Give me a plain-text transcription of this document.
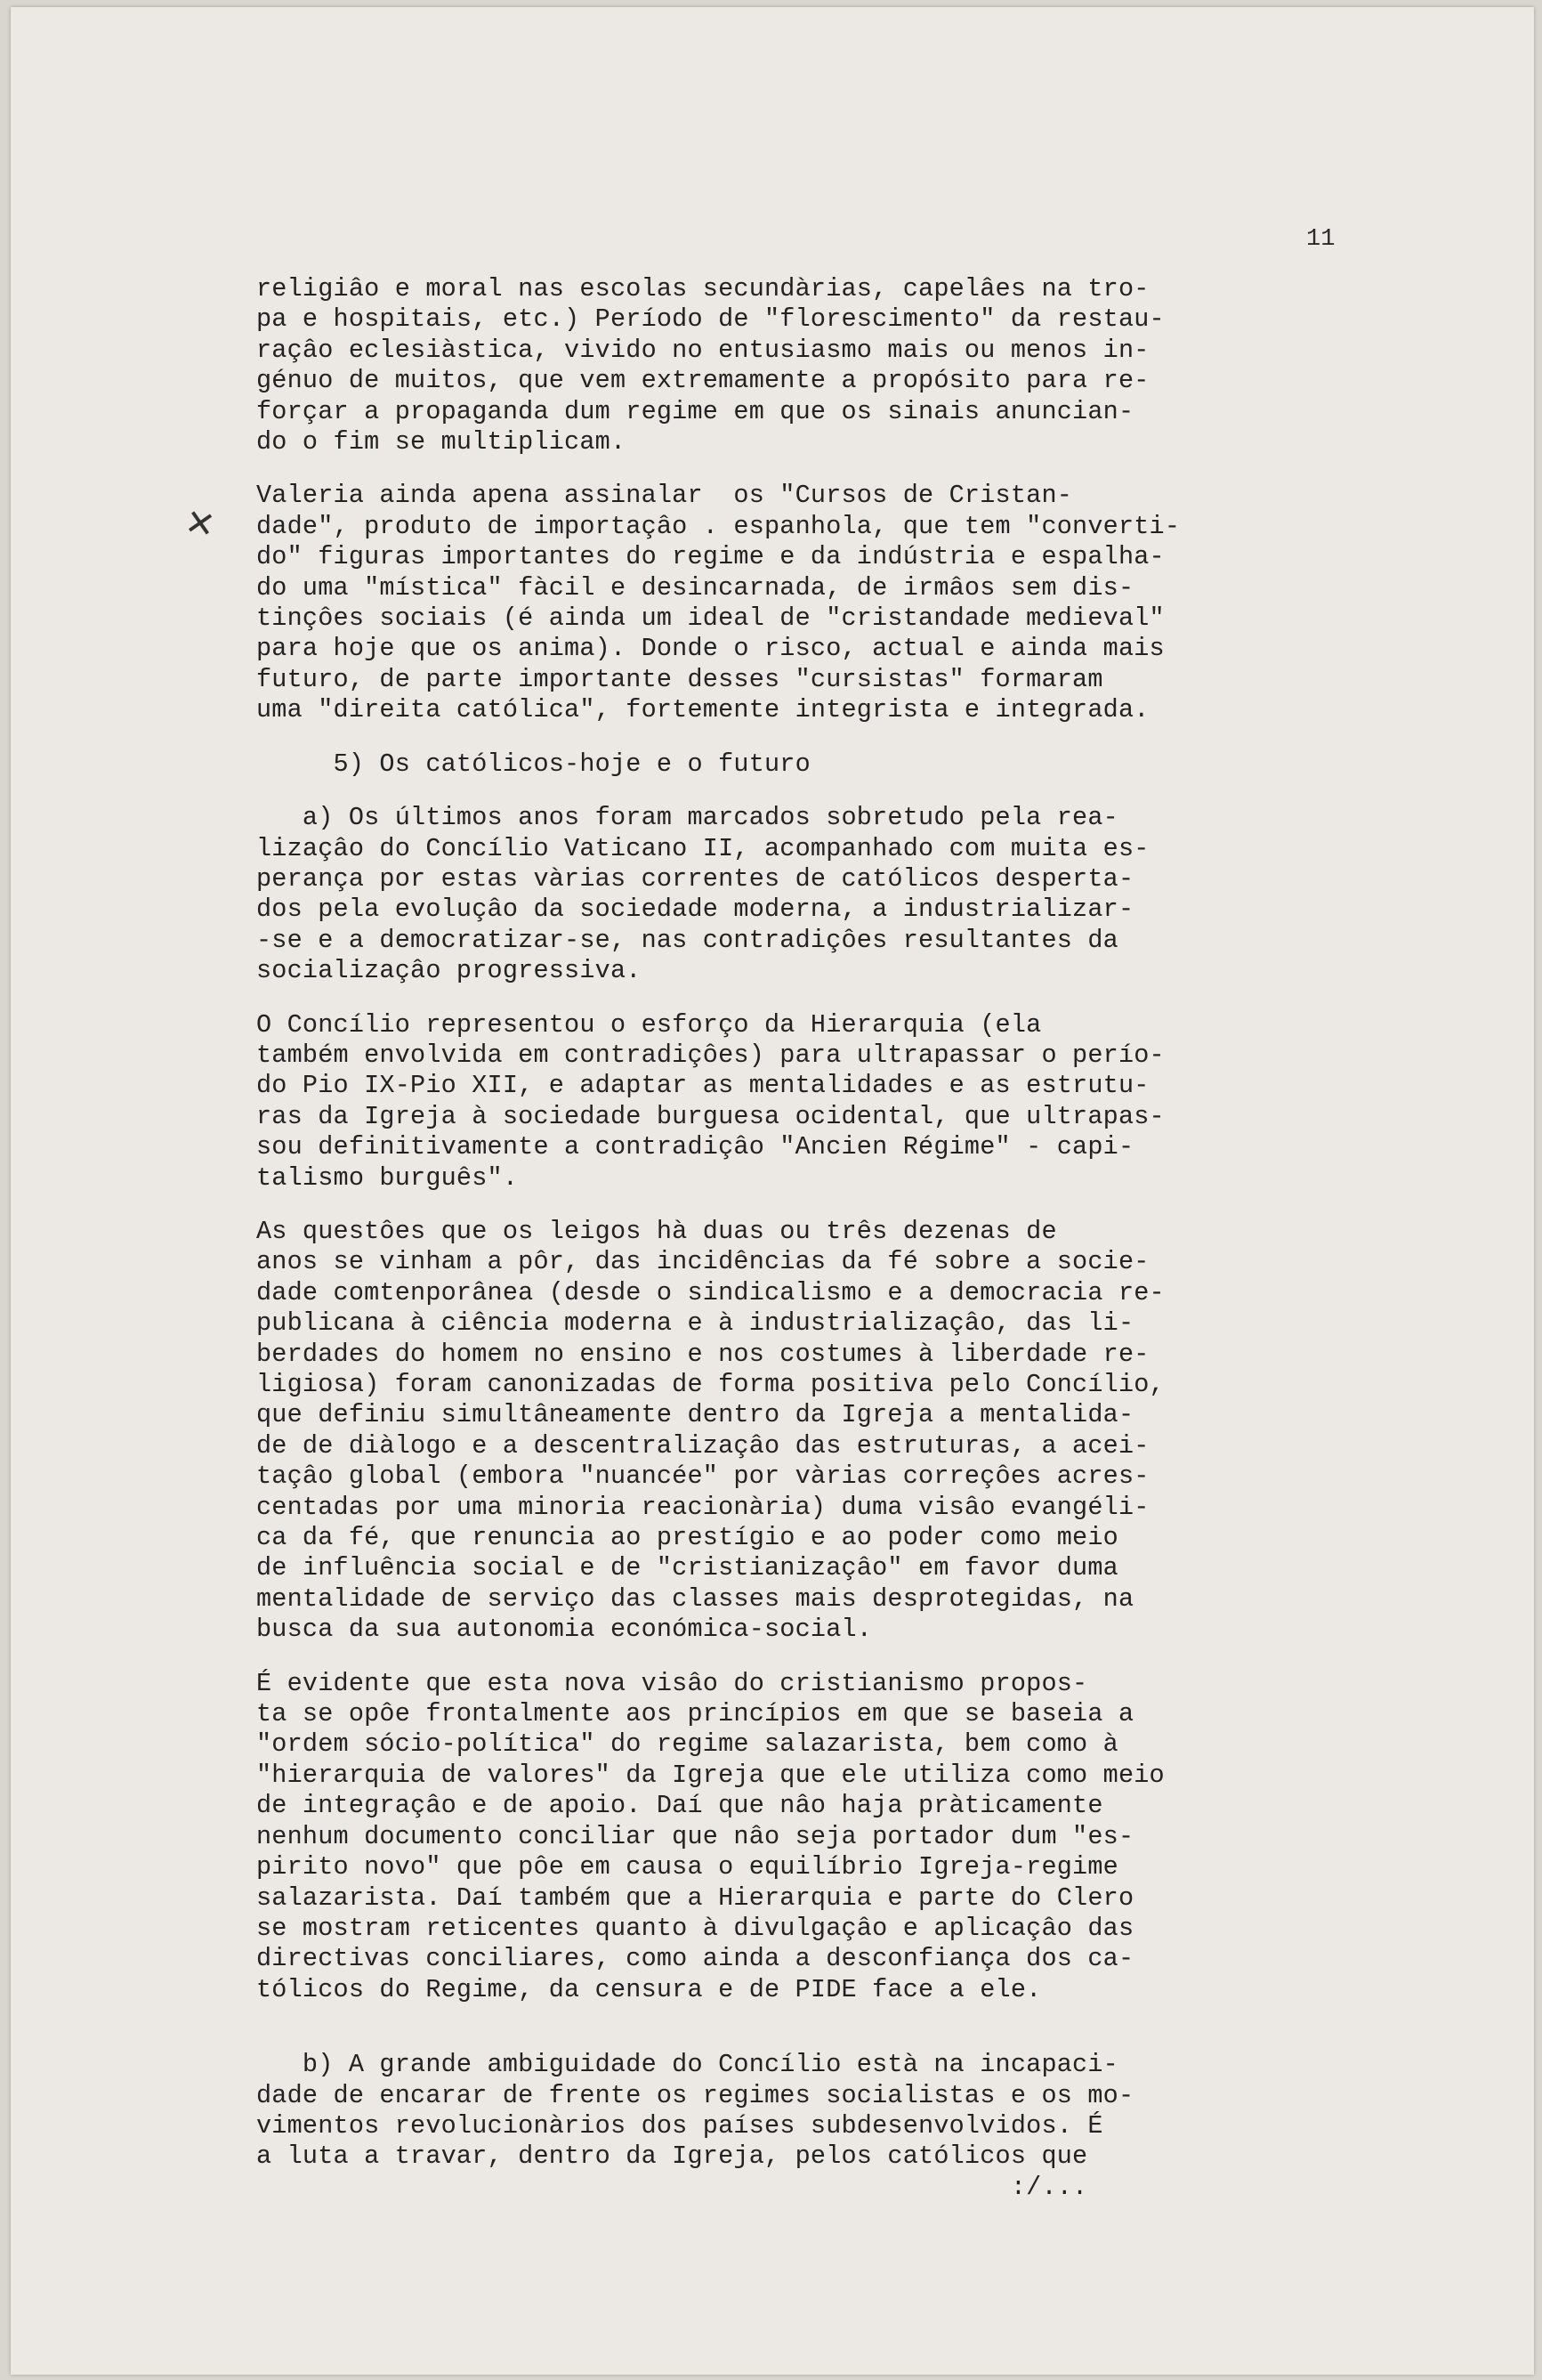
11
✕
religiâo e moral nas escolas secundàrias, capelâes na tro-
pa e hospitais, etc.) Período de "florescimento" da restau-
raçâo eclesiàstica, vivido no entusiasmo mais ou menos in-
génuo de muitos, que vem extremamente a propósito para re-
forçar a propaganda dum regime em que os sinais anuncian-
do o fim se multiplicam.
Valeria ainda apena assinalar  os "Cursos de Cristan-
dade", produto de importaçâo . espanhola, que tem "converti-
do" figuras importantes do regime e da indústria e espalha-
do uma "mística" fàcil e desincarnada, de irmâos sem dis-
tinçôes sociais (é ainda um ideal de "cristandade medieval"
para hoje que os anima). Donde o risco, actual e ainda mais
futuro, de parte importante desses "cursistas" formaram
uma "direita católica", fortemente integrista e integrada.
5) Os católicos-hoje e o futuro
a) Os últimos anos foram marcados sobretudo pela rea-
lizaçâo do Concílio Vaticano II, acompanhado com muita es-
perança por estas vàrias correntes de católicos desperta-
dos pela evoluçâo da sociedade moderna, a industrializar-
-se e a democratizar-se, nas contradiçôes resultantes da
socializaçâo progressiva.
O Concílio representou o esforço da Hierarquia (ela
também envolvida em contradiçôes) para ultrapassar o perío-
do Pio IX-Pio XII, e adaptar as mentalidades e as estrutu-
ras da Igreja à sociedade burguesa ocidental, que ultrapas-
sou definitivamente a contradiçâo "Ancien Régime" - capi-
talismo burguês".
As questôes que os leigos hà duas ou três dezenas de
anos se vinham a pôr, das incidências da fé sobre a socie-
dade comtenporânea (desde o sindicalismo e a democracia re-
publicana à ciência moderna e à industrializaçâo, das li-
berdades do homem no ensino e nos costumes à liberdade re-
ligiosa) foram canonizadas de forma positiva pelo Concílio,
que definiu simultâneamente dentro da Igreja a mentalida-
de de diàlogo e a descentralizaçâo das estruturas, a acei-
taçâo global (embora "nuancée" por vàrias correçôes acres-
centadas por uma minoria reacionària) duma visâo evangéli-
ca da fé, que renuncia ao prestígio e ao poder como meio
de influência social e de "cristianizaçâo" em favor duma
mentalidade de serviço das classes mais desprotegidas, na
busca da sua autonomia económica-social.
É evidente que esta nova visâo do cristianismo propos-
ta se opôe frontalmente aos princípios em que se baseia a
"ordem sócio-política" do regime salazarista, bem como à
"hierarquia de valores" da Igreja que ele utiliza como meio
de integraçâo e de apoio. Daí que nâo haja pràticamente
nenhum documento conciliar que nâo seja portador dum "es-
pirito novo" que pôe em causa o equilíbrio Igreja-regime
salazarista. Daí também que a Hierarquia e parte do Clero
se mostram reticentes quanto à divulgaçâo e aplicaçâo das
directivas conciliares, como ainda a desconfiança dos ca-
tólicos do Regime, da censura e de PIDE face a ele.
b) A grande ambiguidade do Concílio està na incapaci-
dade de encarar de frente os regimes socialistas e os mo-
vimentos revolucionàrios dos países subdesenvolvidos. É
a luta a travar, dentro da Igreja, pelos católicos que
:/...
